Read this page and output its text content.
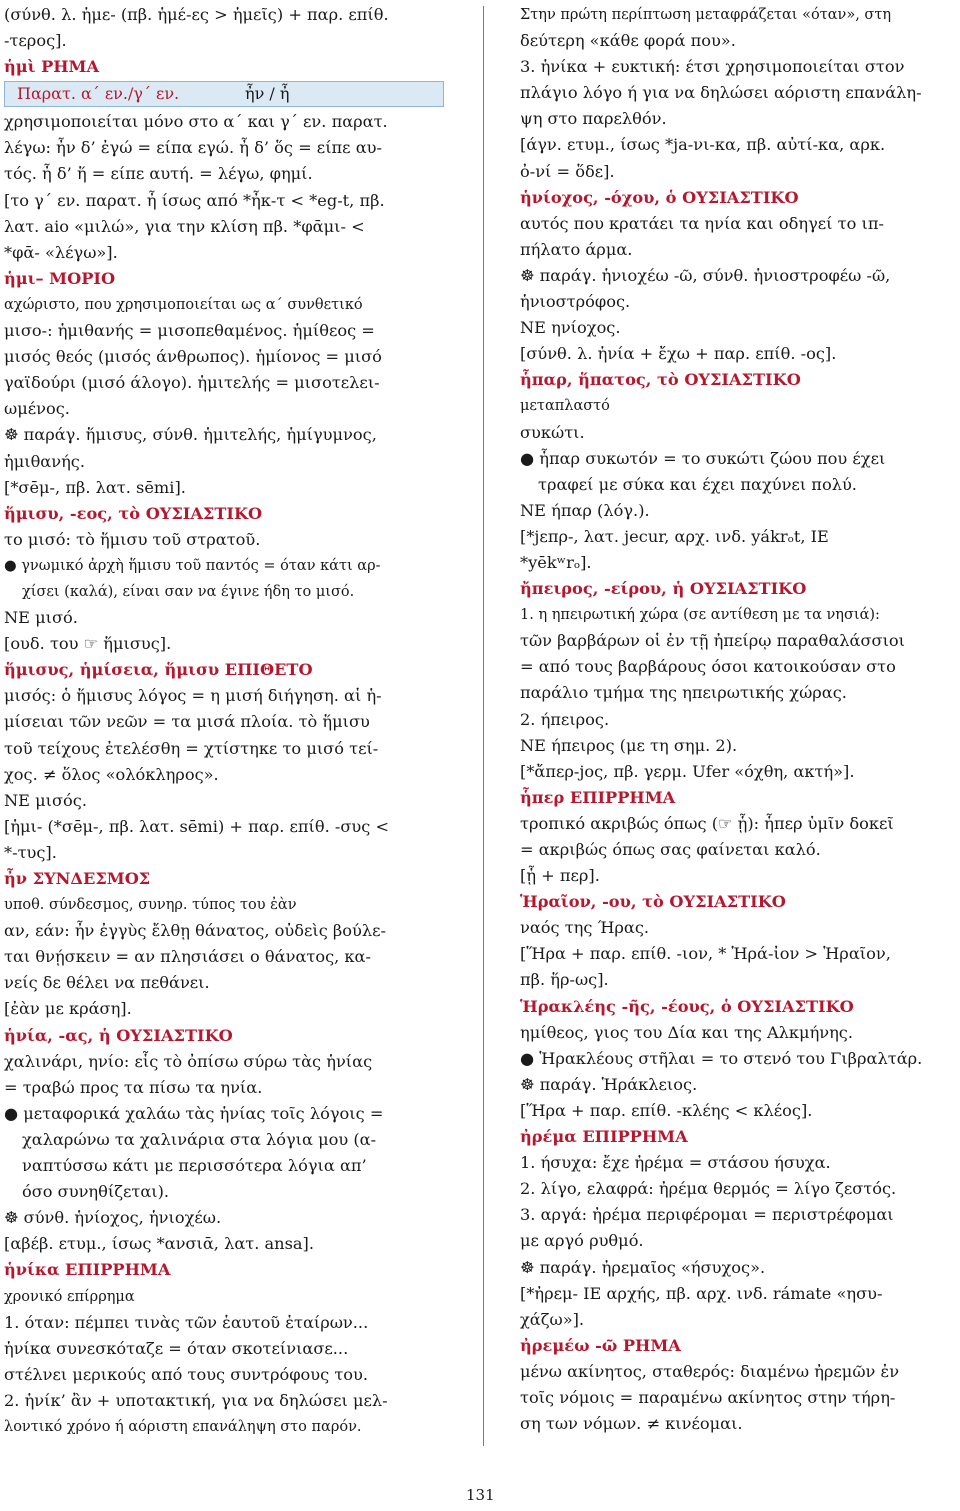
(σύνθ. λ. ἡμε- (πβ. ἡμέ-ες > ἡμεῖς) + παρ. επίθ.
-τερος].
ἡμὶ ΡΗΜΑ
Παρατ. α΄ εν./γ΄ εν.	ἦν / ἦ
χρησιμοποιείται μόνο στο α΄ και γ΄ εν. παρατ.
λέγω: ἦν δ’ ἐγώ = είπα εγώ. ἦ δ’ ὅς = είπε αυ-
τός. ἦ δ’ ἥ = είπε αυτή. = λέγω, φημί.
[το γ΄ εν. παρατ. ἦ ίσως από *ἦκ-τ < *eg-t, πβ.
λατ. aio «μιλώ», για την κλίση πβ. *φᾱμι- <
*φᾱ- «λέγω»].
ἡμι– ΜΟΡΙΟ
αχώριστο, που χρησιμοποιείται ως α΄ συνθετικό
μισο-: ἡμιθανής = μισοπεθαμένος. ἡμίθεος =
μισός θεός (μισός άνθρωπος). ἡμίονος = μισό
γαϊδούρι (μισό άλογο). ἡμιτελής = μισοτελει-
ωμένος.
☸ παράγ. ἥμισυς, σύνθ. ἡμιτελής, ἡμίγυμνος,
ἡμιθανής.
[*σēμ-, πβ. λατ. sēmi].
ἥμισυ, -εος, τὸ ΟΥΣΙΑΣΤΙΚΟ
το μισό: τὸ ἥμισυ τοῦ στρατοῦ.
● γνωμικό ἀρχὴ ἥμισυ τοῦ παντός = όταν κάτι αρ-
χίσει (καλά), είναι σαν να έγινε ήδη το μισό.
ΝΕ μισό.
[ουδ. του ☞ ἥμισυς].
ἥμισυς, ἡμίσεια, ἥμισυ ΕΠΙΘΕΤΟ
μισός: ὁ ἥμισυς λόγος = η μισή διήγηση. αἱ ἡ-
μίσειαι τῶν νεῶν = τα μισά πλοία. τὸ ἥμισυ
τοῦ τείχους ἐτελέσθη = χτίστηκε το μισό τεί-
χος. ≠ ὅλος «ολόκληρος».
ΝΕ μισός.
[ἡμι- (*σēμ-, πβ. λατ. sēmi) + παρ. επίθ. -συς <
*-τυς].
ἦν ΣΥΝΔΕΣΜΟΣ
υποθ. σύνδεσμος, συνηρ. τύπος του ἐὰν
αν, εάν: ἦν ἐγγὺς ἔλθῃ θάνατος, οὐδεὶς βούλε-
ται θνῄσκειν = αν πλησιάσει ο θάνατος, κα-
νείς δε θέλει να πεθάνει.
[ἐὰν με κράση].
ἡνία, -ας, ἡ ΟΥΣΙΑΣΤΙΚΟ
χαλινάρι, ηνίο: εἷς τὸ ὀπίσω σύρω τὰς ἡνίας
= τραβώ προς τα πίσω τα ηνία.
● μεταφορικά χαλάω τὰς ἡνίας τοῖς λόγοις =
χαλαρώνω τα χαλινάρια στα λόγια μου (α-
ναπτύσσω κάτι με περισσότερα λόγια απ’
όσο συνηθίζεται).
☸ σύνθ. ἡνίοχος, ἡνιοχέω.
[αβέβ. ετυμ., ίσως *ανσιᾱ, λατ. ansa].
ἡνίκα ΕΠΙΡΡΗΜΑ
χρονικό επίρρημα
1. όταν: πέμπει τινὰς τῶν ἑαυτοῦ ἑταίρων...
ἡνίκα συνεσκόταζε = όταν σκοτείνιασε...
στέλνει μερικούς από τους συντρόφους του.
2. ἡνίκ’ ἂν + υποτακτική, για να δηλώσει μελ-
λοντικό χρόνο ή αόριστη επανάληψη στο παρόν.
Στην πρώτη περίπτωση μεταφράζεται «όταν», στη
δεύτερη «κάθε φορά που».
3. ἡνίκα + ευκτική: έτσι χρησιμοποιείται στον
πλάγιο λόγο ή για να δηλώσει αόριστη επανάλη-
ψη στο παρελθόν.
[άγν. ετυμ., ίσως *ja-νι-κα, πβ. αὐτί-κα, αρκ.
ὀ-νί = ὅδε].
ἡνίοχος, -όχου, ὁ ΟΥΣΙΑΣΤΙΚΟ
αυτός που κρατάει τα ηνία και οδηγεί το ιπ-
πήλατο άρμα.
☸ παράγ. ἡνιοχέω -ῶ, σύνθ. ἡνιοστροφέω -ῶ,
ἡνιοστρόφος.
ΝΕ ηνίοχος.
[σύνθ. λ. ἡνία + ἔχω + παρ. επίθ. -ος].
ἧπαρ, ἥπατος, τὸ ΟΥΣΙΑΣΤΙΚΟ
μεταπλαστό
συκώτι.
● ἧπαρ συκωτόν = το συκώτι ζώου που έχει
τραφεί με σύκα και έχει παχύνει πολύ.
ΝΕ ήπαρ (λόγ.).
[*jεπρ-, λατ. jecur, αρχ. ινδ. yákrₒt, ΙΕ
*yēkʷrₒ].
ἤπειρος, -είρου, ἡ ΟΥΣΙΑΣΤΙΚΟ
1. η ηπειρωτική χώρα (σε αντίθεση με τα νησιά):
τῶν βαρβάρων οἱ ἐν τῇ ἠπείρῳ παραθαλάσσιοι
= από τους βαρβάρους όσοι κατοικούσαν στο
παράλιο τμήμα της ηπειρωτικής χώρας.
2. ήπειρος.
ΝΕ ήπειρος (με τη σημ. 2).
[*ἄπερ-jος, πβ. γερμ. Ufer «όχθη, ακτή»].
ἧπερ ΕΠΙΡΡΗΜΑ
τροπικό ακριβώς όπως (☞ ᾗ): ἧπερ ὑμῖν δοκεῖ
= ακριβώς όπως σας φαίνεται καλό.
[ᾗ + περ].
Ἡραῖον, -ου, τὸ ΟΥΣΙΑΣΤΙΚΟ
ναός της Ήρας.
[Ἥρα + παρ. επίθ. -ιον, * Ἡρά-ἰον > Ἡραῖον,
πβ. ἥρ-ως].
Ἡρακλέης -ῆς, -έους, ὁ ΟΥΣΙΑΣΤΙΚΟ
ημίθεος, γιος του Δία και της Αλκμήνης.
● Ἡρακλέους στῆλαι = το στενό του Γιβραλτάρ.
☸ παράγ. Ἡράκλειος.
[Ἥρα + παρ. επίθ. -κλέης < κλέος].
ἠρέμα ΕΠΙΡΡΗΜΑ
1. ήσυχα: ἔχε ἠρέμα = στάσου ήσυχα.
2. λίγο, ελαφρά: ἠρέμα θερμός = λίγο ζεστός.
3. αργά: ἠρέμα περιφέρομαι = περιστρέφομαι
με αργό ρυθμό.
☸ παράγ. ἠρεμαῖος «ήσυχος».
[*ἠρεμ- ΙΕ αρχής, πβ. αρχ. ινδ. rámate «ησυ-
χάζω»].
ἠρεμέω -ῶ ΡΗΜΑ
μένω ακίνητος, σταθερός: διαμένω ἠρεμῶν ἐν
τοῖς νόμοις = παραμένω ακίνητος στην τήρη-
ση των νόμων. ≠ κινέομαι.
131
